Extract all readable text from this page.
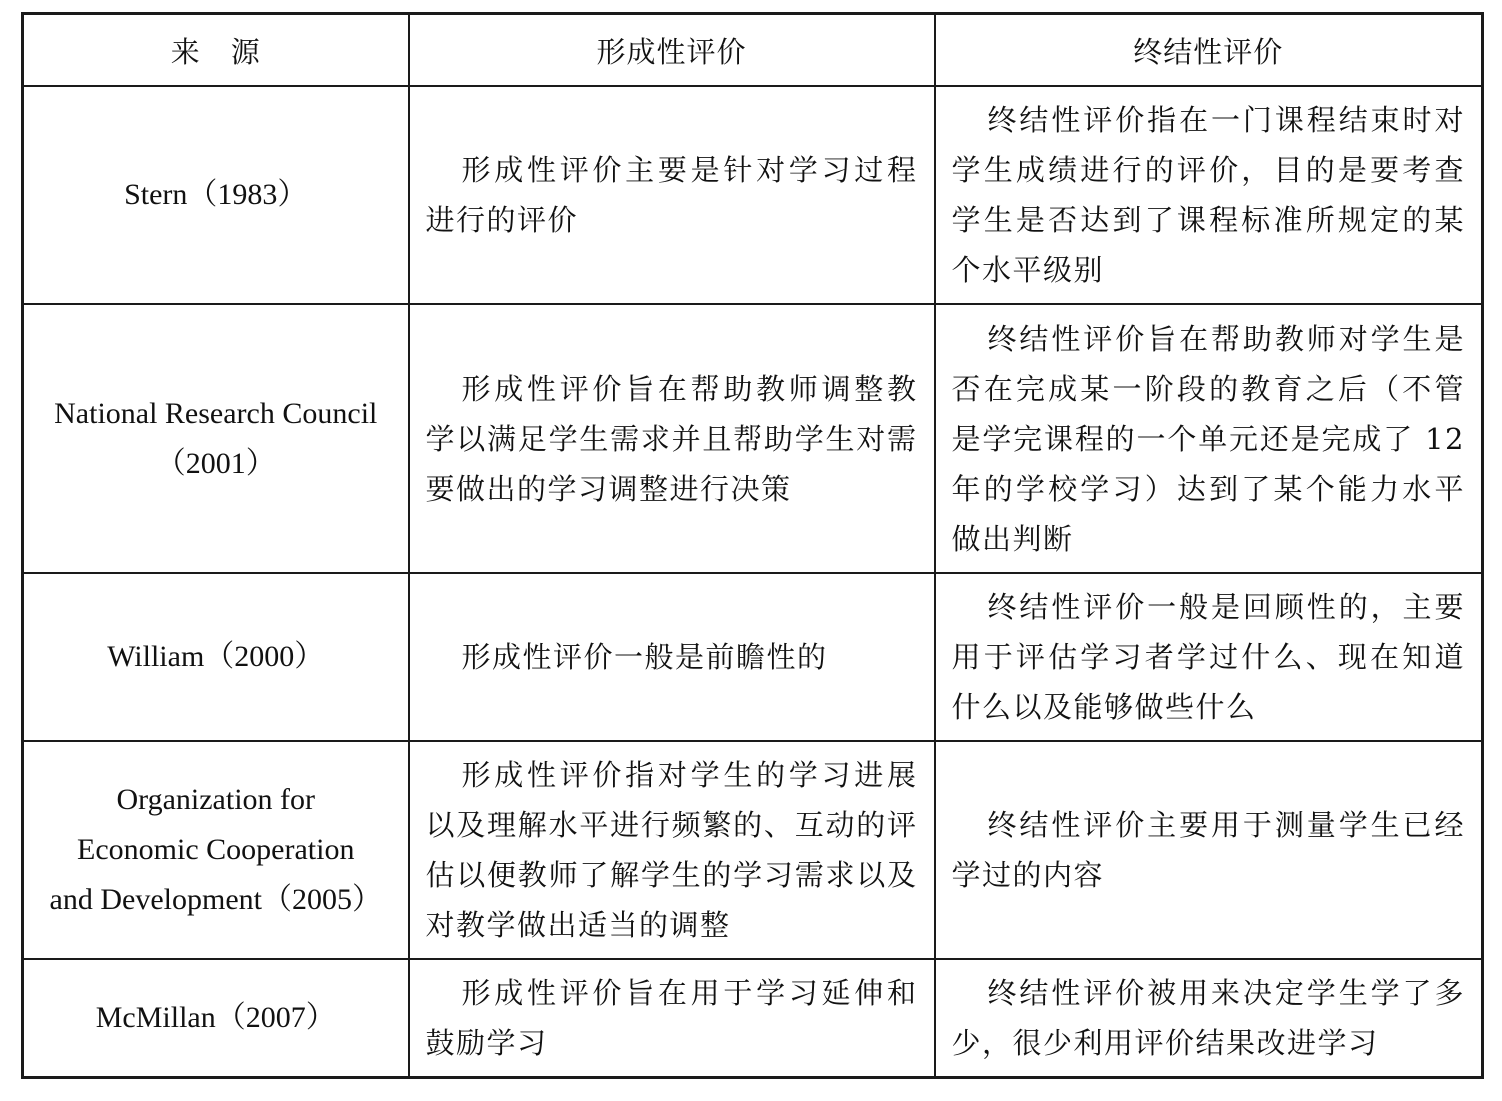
来　源	形成性评价	终结性评价
Stern（1983）	形成性评价主要是针对学习过程进行的评价	终结性评价指在一门课程结束时对学生成绩进行的评价，目的是要考查学生是否达到了课程标准所规定的某个水平级别

National Research Council
（2001）	形成性评价旨在帮助教师调整教学以满足学生需求并且帮助学生对需要做出的学习调整进行决策	终结性评价旨在帮助教师对学生是否在完成某一阶段的教育之后（不管是学完课程的一个单元还是完成了 12 年的学校学习）达到了某个能力水平做出判断
William（2000）	形成性评价一般是前瞻性的	终结性评价一般是回顾性的，主要用于评估学习者学过什么、现在知道什么以及能够做些什么

Organization for
Economic Cooperation
and Development（2005）	形成性评价指对学生的学习进展以及理解水平进行频繁的、互动的评估以便教师了解学生的学习需求以及对教学做出适当的调整	终结性评价主要用于测量学生已经学过的内容
McMillan（2007）	形成性评价旨在用于学习延伸和鼓励学习	终结性评价被用来决定学生学了多少，很少利用评价结果改进学习
